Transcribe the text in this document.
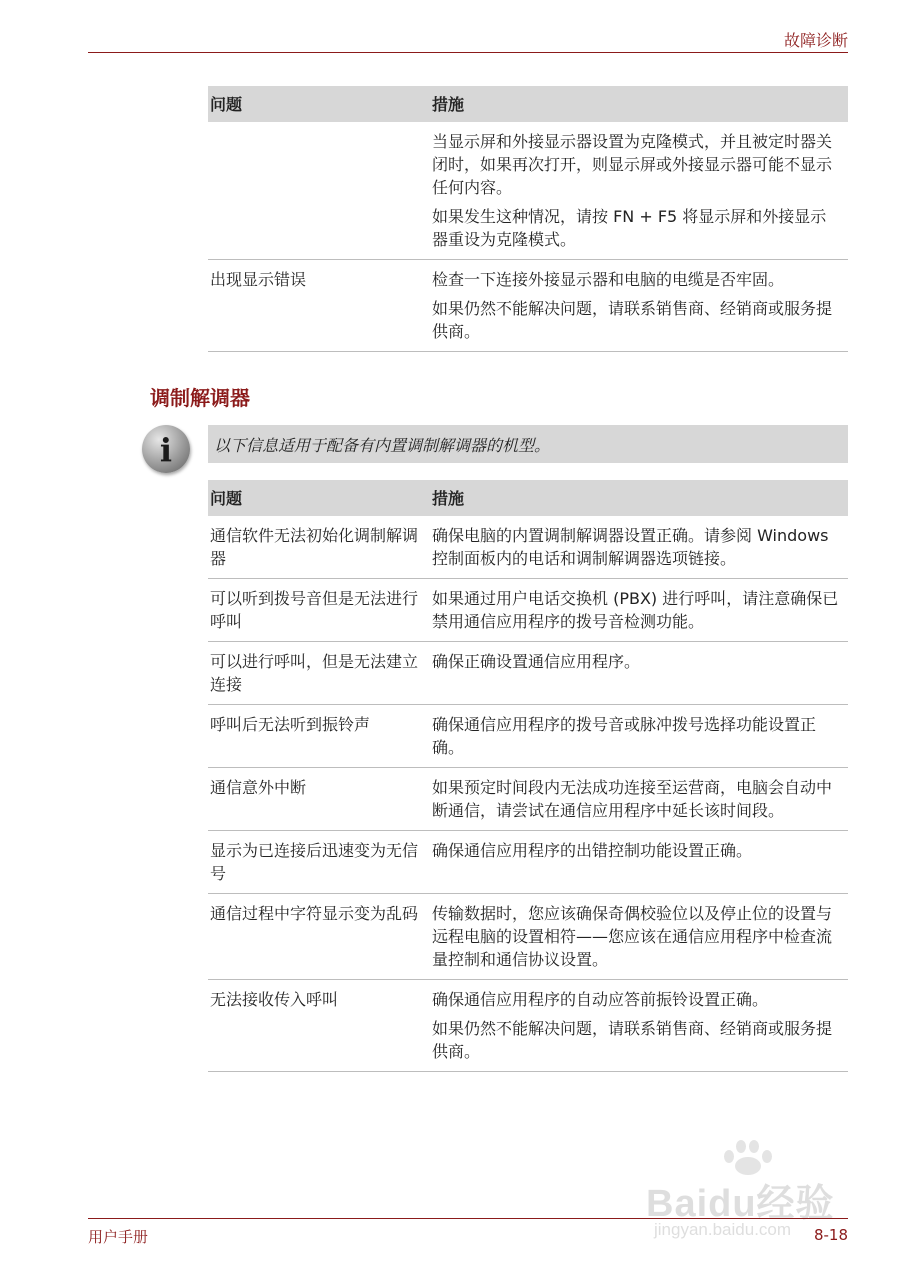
故障诊断
问题	措施

	当显示屏和外接显示器设置为克隆模式，并且被定时器关闭时，如果再次打开，则显示屏或外接显示器可能不显示任何内容。

如果发生这种情况，请按 FN + F5 将显示屏和外接显示器重设为克隆模式。

出现显示错误	检查一下连接外接显示器和电脑的电缆是否牢固。

如果仍然不能解决问题，请联系销售商、经销商或服务提供商。

调制解调器
i	以下信息适用于配备有内置调制解调器的机型。
问题	措施
通信软件无法初始化调制解调器	确保电脑的内置调制解调器设置正确。请参阅 Windows 控制面板内的电话和调制解调器选项链接。

可以听到拨号音但是无法进行呼叫	如果通过用户电话交换机 (PBX) 进行呼叫，请注意确保已禁用通信应用程序的拨号音检测功能。

可以进行呼叫，但是无法建立连接	确保正确设置通信应用程序。

呼叫后无法听到振铃声	确保通信应用程序的拨号音或脉冲拨号选择功能设置正确。

通信意外中断	如果预定时间段内无法成功连接至运营商，电脑会自动中断通信，请尝试在通信应用程序中延长该时间段。

显示为已连接后迅速变为无信号	确保通信应用程序的出错控制功能设置正确。

通信过程中字符显示变为乱码	传输数据时，您应该确保奇偶校验位以及停止位的设置与远程电脑的设置相符——您应该在通信应用程序中检查流量控制和通信协议设置。

无法接收传入呼叫	确保通信应用程序的自动应答前振铃设置正确。

如果仍然不能解决问题，请联系销售商、经销商或服务提供商。

Baidu经验
jingyan.baidu.com
用户手册	8-18
